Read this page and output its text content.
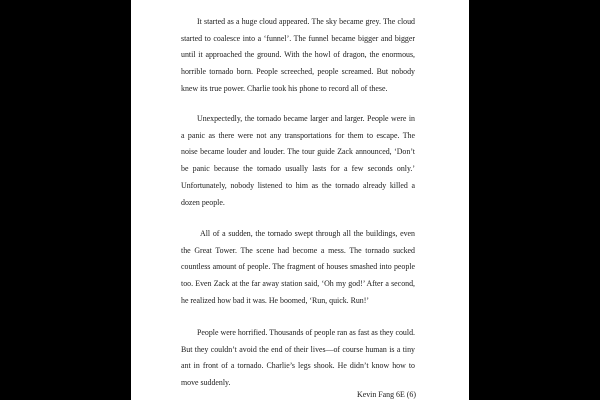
It started as a huge cloud appeared. The sky became grey. The cloud started to coalesce into a ‘funnel’. The funnel became bigger and bigger until it approached the ground. With the howl of dragon, the enormous, horrible tornado born. People screeched, people screamed. But nobody knew its true power. Charlie took his phone to record all of these.

Unexpectedly, the tornado became larger and larger. People were in a panic as there were not any transportations for them to escape. The noise became louder and louder. The tour guide Zack announced, ‘Don’t be panic because the tornado usually lasts for a few seconds only.’ Unfortunately, nobody listened to him as the tornado already killed a dozen people.

All of a sudden, the tornado swept through all the buildings, even the Great Tower. The scene had become a mess. The tornado sucked countless amount of people. The fragment of houses smashed into people too. Even Zack at the far away station said, ‘Oh my god!’ After a second, he realized how bad it was. He boomed, ‘Run, quick. Run!’

People were horrified. Thousands of people ran as fast as they could. But they couldn’t avoid the end of their lives—of course human is a tiny ant in front of a tornado. Charlie’s legs shook. He didn’t know how to move suddenly.

Kevin Fang 6E (6)
